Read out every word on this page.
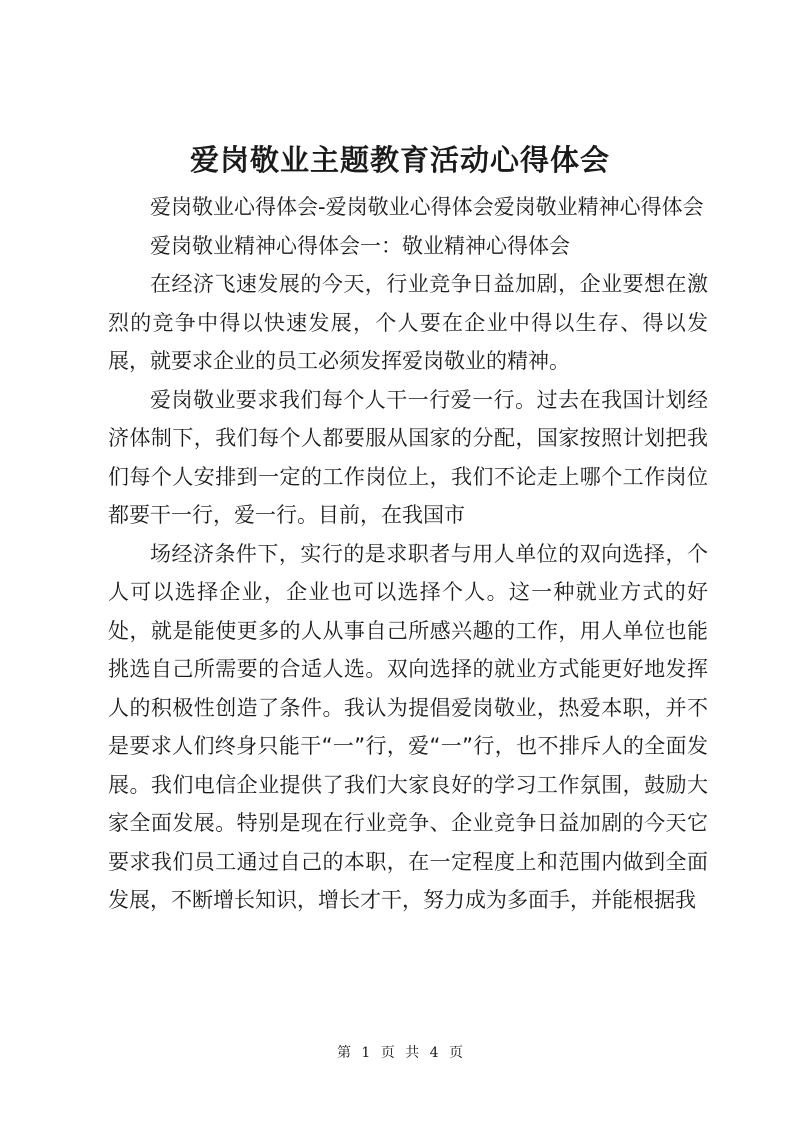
爱岗敬业主题教育活动心得体会

爱岗敬业心得体会-爱岗敬业心得体会爱岗敬业精神心得体会

爱岗敬业精神心得体会一：敬业精神心得体会

在经济飞速发展的今天，行业竞争日益加剧，企业要想在激烈的竞争中得以快速发展，个人要在企业中得以生存、得以发展，就要求企业的员工必须发挥爱岗敬业的精神。

爱岗敬业要求我们每个人干一行爱一行。过去在我国计划经济体制下，我们每个人都要服从国家的分配，国家按照计划把我们每个人安排到一定的工作岗位上，我们不论走上哪个工作岗位都要干一行，爱一行。目前，在我国市

场经济条件下，实行的是求职者与用人单位的双向选择，个人可以选择企业，企业也可以选择个人。这一种就业方式的好处，就是能使更多的人从事自己所感兴趣的工作，用人单位也能挑选自己所需要的合适人选。双向选择的就业方式能更好地发挥人的积极性创造了条件。我认为提倡爱岗敬业，热爱本职，并不是要求人们终身只能干“一”行，爱“一”行，也不排斥人的全面发展。我们电信企业提供了我们大家良好的学习工作氛围，鼓励大家全面发展。特别是现在行业竞争、企业竞争日益加剧的今天它要求我们员工通过自己的本职，在一定程度上和范围内做到全面发展，不断增长知识，增长才干，努力成为多面手，并能根据我

第 1 页 共 4 页
